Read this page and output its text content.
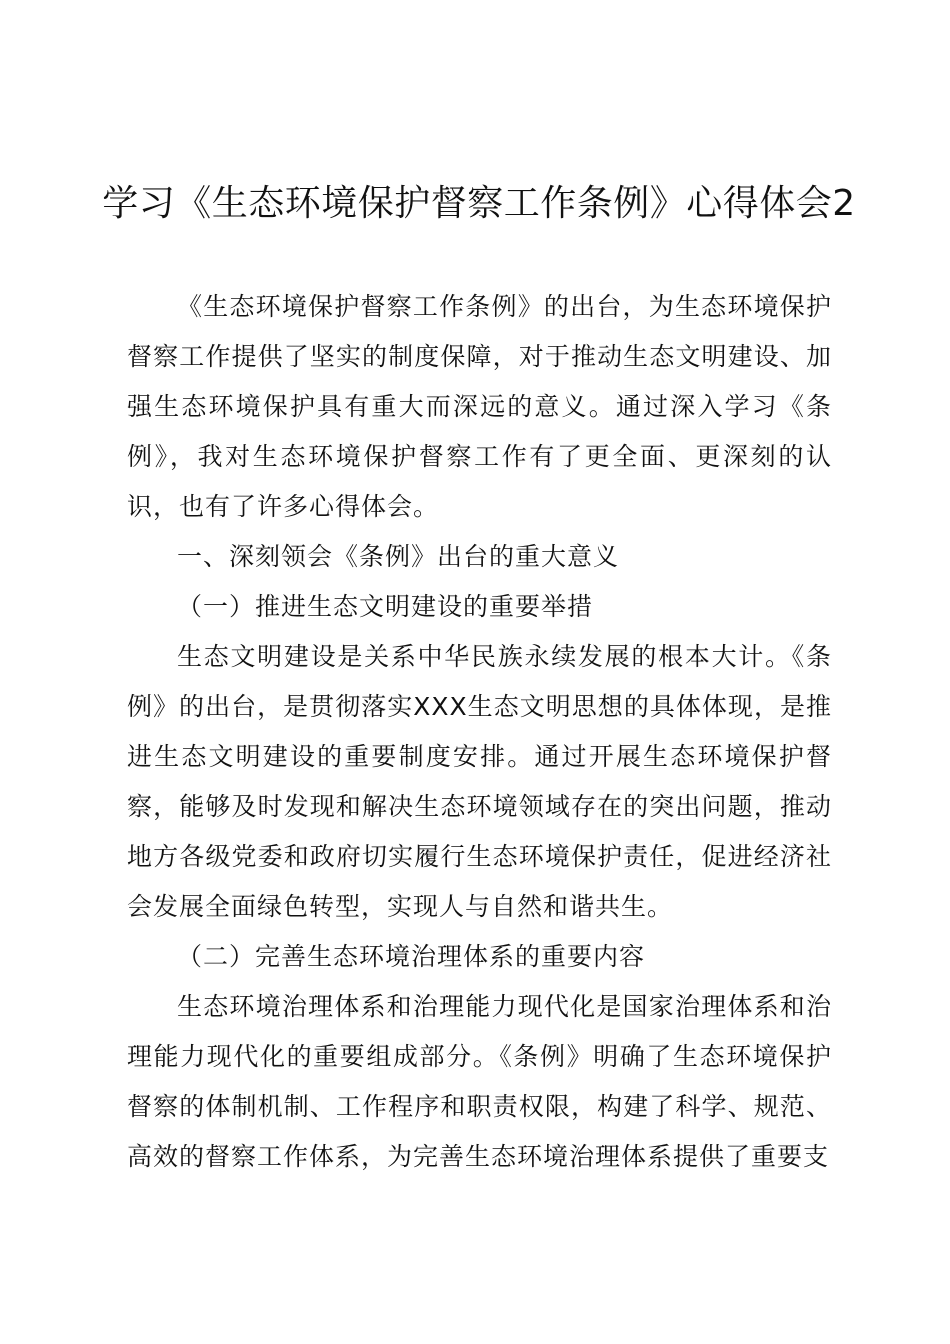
学习《生态环境保护督察工作条例》心得体会2

《生态环境保护督察工作条例》的出台，为生态环境保护督察工作提供了坚实的制度保障，对于推动生态文明建设、加强生态环境保护具有重大而深远的意义。通过深入学习《条例》，我对生态环境保护督察工作有了更全面、更深刻的认识，也有了许多心得体会。

一、深刻领会《条例》出台的重大意义

（一）推进生态文明建设的重要举措

生态文明建设是关系中华民族永续发展的根本大计。《条例》的出台，是贯彻落实XXX生态文明思想的具体体现，是推进生态文明建设的重要制度安排。通过开展生态环境保护督察，能够及时发现和解决生态环境领域存在的突出问题，推动地方各级党委和政府切实履行生态环境保护责任，促进经济社会发展全面绿色转型，实现人与自然和谐共生。

（二）完善生态环境治理体系的重要内容

生态环境治理体系和治理能力现代化是国家治理体系和治理能力现代化的重要组成部分。《条例》明确了生态环境保护督察的体制机制、工作程序和职责权限，构建了科学、规范、高效的督察工作体系，为完善生态环境治理体系提供了重要支
